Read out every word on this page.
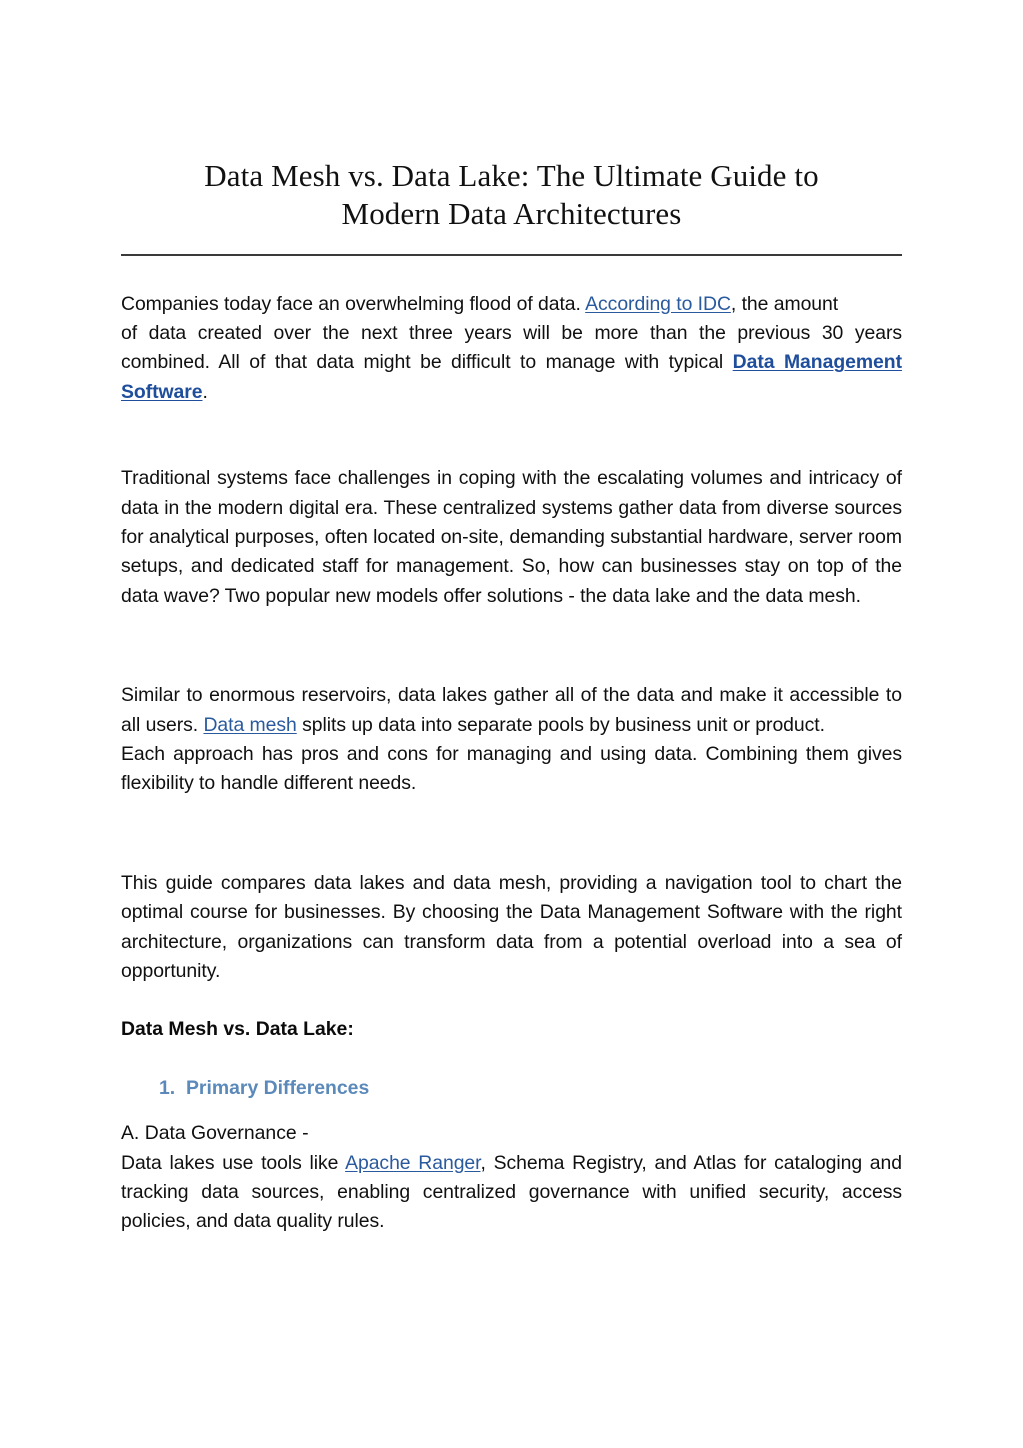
Data Mesh vs. Data Lake: The Ultimate Guide to
Modern Data Architectures

Companies today face an overwhelming flood of data. According to IDC, the amount

of data created over the next three years will be more than the previous 30 years combined. All of that data might be difficult to manage with typical Data Management Software.

Traditional systems face challenges in coping with the escalating volumes and intricacy of data in the modern digital era. These centralized systems gather data from diverse sources for analytical purposes, often located on-site, demanding substantial hardware, server room setups, and dedicated staff for management. So, how can businesses stay on top of the data wave? Two popular new models offer solutions - the data lake and the data mesh.

Similar to enormous reservoirs, data lakes gather all of the data and make it accessible to all users. Data mesh splits up data into separate pools by business unit or product.

Each approach has pros and cons for managing and using data. Combining them gives flexibility to handle different needs.

This guide compares data lakes and data mesh, providing a navigation tool to chart the optimal course for businesses. By choosing the Data Management Software with the right architecture, organizations can transform data from a potential overload into a sea of opportunity.

Data Mesh vs. Data Lake:

1. Primary Differences

A. Data Governance -

Data lakes use tools like Apache Ranger, Schema Registry, and Atlas for cataloging and tracking data sources, enabling centralized governance with unified security, access policies, and data quality rules.
